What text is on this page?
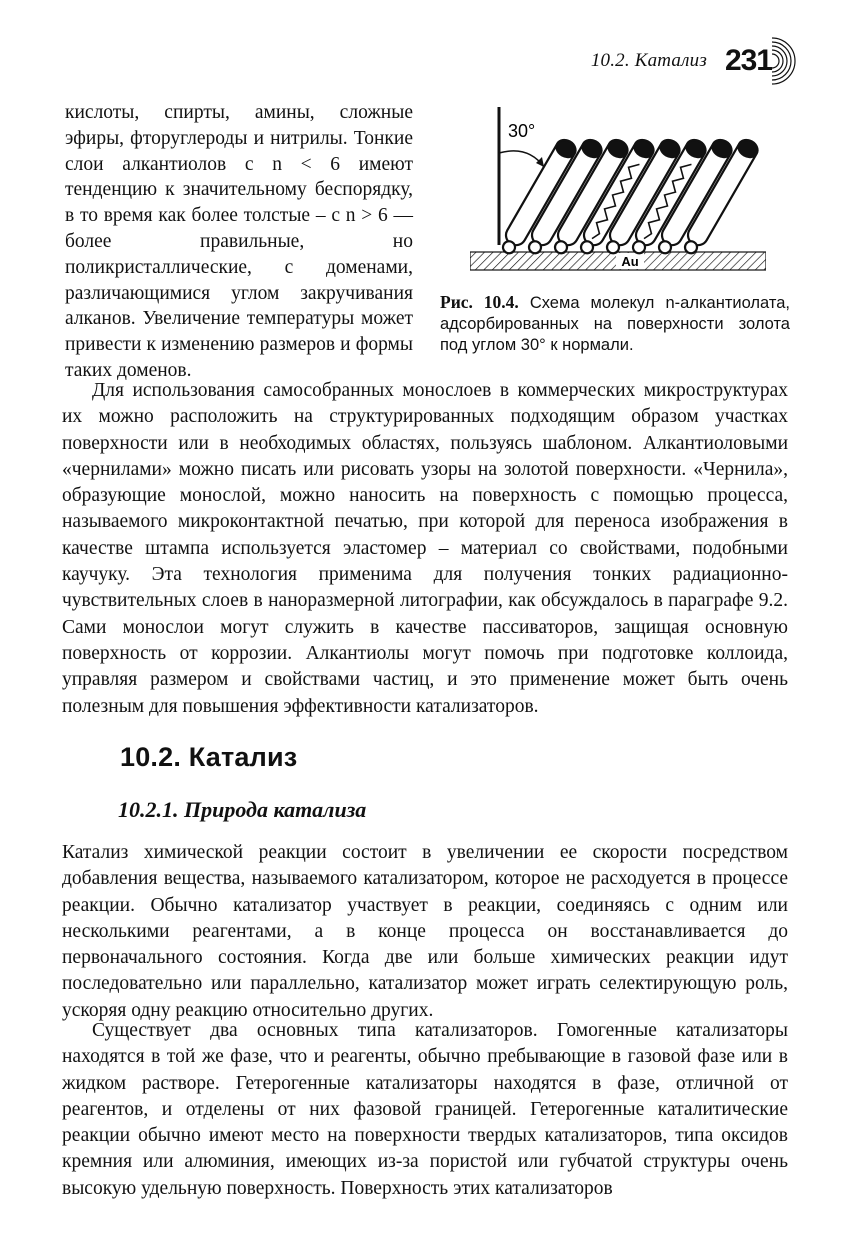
10.2. Катализ 231

кислоты, спирты, амины, сложные эфиры, фторуглероды и нитрилы. Тонкие слои алкантиолов с n < 6 имеют тенденцию к значительному беспорядку, в то время как более толстые – с n > 6 — более правильные, но поликристаллические, с доменами, различающимися углом закручивания алканов. Увеличение температуры может привести к изменению размеров и формы таких доменов.

Au
30°
Рис. 10.4. Схема молекул n-алкантиолата, адсорбированных на поверхности золота под углом 30° к нормали.

Для использования самособранных монослоев в коммерческих микроструктурах их можно расположить на структурированных подходящим образом участках поверхности или в необходимых областях, пользуясь шаблоном. Алкантиоловыми «чернилами» можно писать или рисовать узоры на золотой поверхности. «Чернила», образующие монослой, можно наносить на поверхность с помощью процесса, называемого микроконтактной печатью, при которой для переноса изображения в качестве штампа используется эластомер – материал со свойствами, подобными каучуку. Эта технология применима для получения тонких радиационно-чувствительных слоев в наноразмерной литографии, как обсуждалось в параграфе 9.2. Сами монослои могут служить в качестве пассиваторов, защищая основную поверхность от коррозии. Алкантиолы могут помочь при подготовке коллоида, управляя размером и свойствами частиц, и это применение может быть очень полезным для повышения эффективности катализаторов.

10.2. Катализ
10.2.1. Природа катализа

Катализ химической реакции состоит в увеличении ее скорости посредством добавления вещества, называемого катализатором, которое не расходуется в процессе реакции. Обычно катализатор участвует в реакции, соединяясь с одним или несколькими реагентами, а в конце процесса он восстанавливается до первоначального состояния. Когда две или больше химических реакции идут последовательно или параллельно, катализатор может играть селектирующую роль, ускоряя одну реакцию относительно других.

Существует два основных типа катализаторов. Гомогенные катализаторы находятся в той же фазе, что и реагенты, обычно пребывающие в газовой фазе или в жидком растворе. Гетерогенные катализаторы находятся в фазе, отличной от реагентов, и отделены от них фазовой границей. Гетерогенные каталитические реакции обычно имеют место на поверхности твердых катализаторов, типа оксидов кремния или алюминия, имеющих из-за пористой или губчатой структуры очень высокую удельную поверхность. Поверхность этих катализаторов
